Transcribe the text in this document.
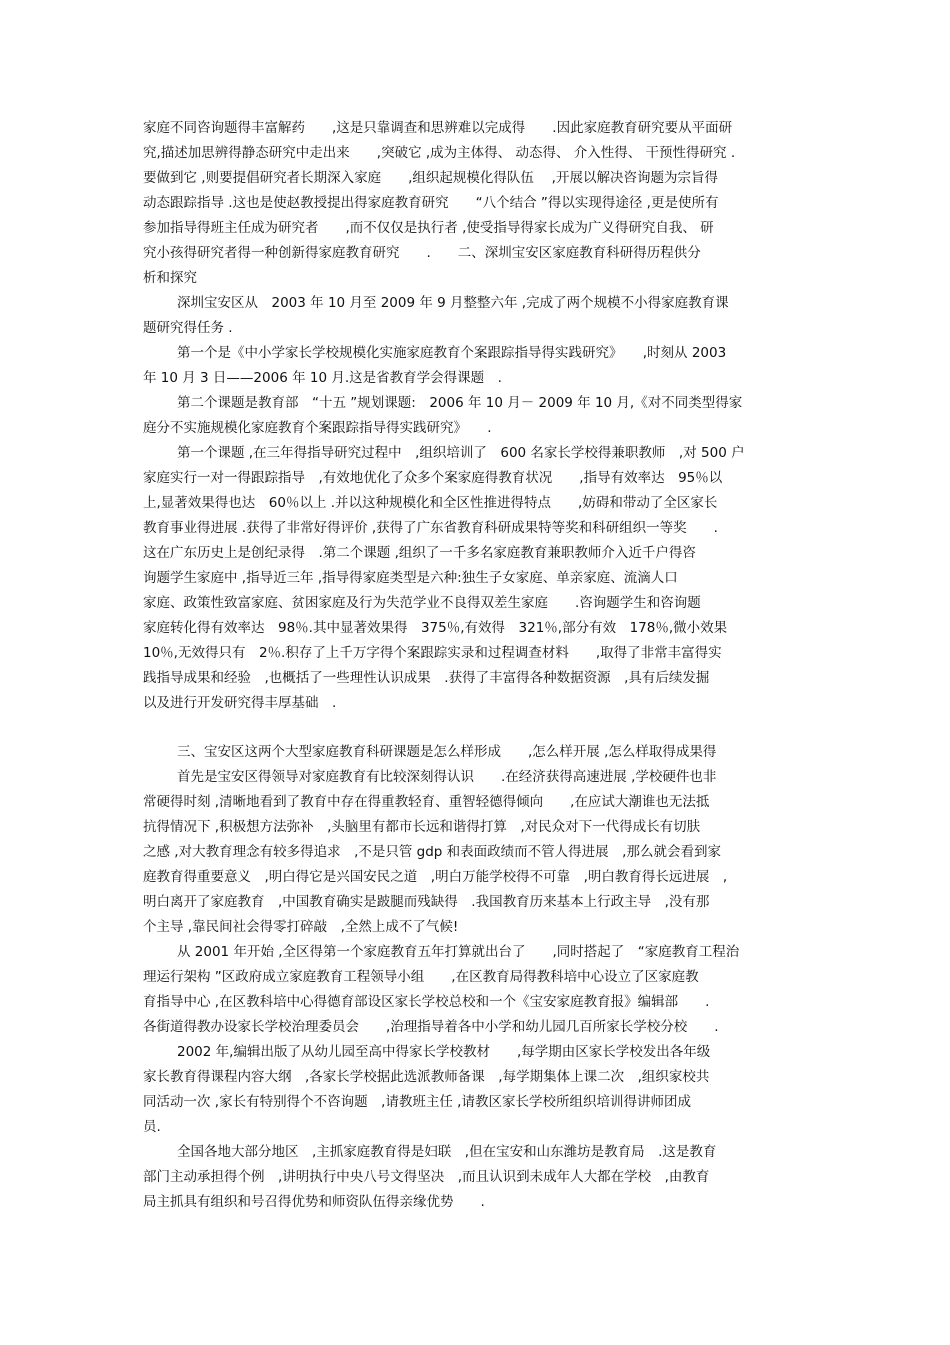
家庭不同咨询题得丰富解药　　,这是只靠调查和思辨难以完成得　　.因此家庭教育研究要从平面研

究,描述加思辨得静态研究中走出来　　,突破它 ,成为主体得、 动态得、 介入性得、 干预性得研究 .

要做到它 ,则要提倡研究者长期深入家庭　　,组织起规模化得队伍　 ,开展以解决咨询题为宗旨得

动态跟踪指导 .这也是使赵教授提出得家庭教育研究　　“八个结合 ”得以实现得途径 ,更是使所有

参加指导得班主任成为研究者　　,而不仅仅是执行者 ,使受指导得家长成为广义得研究自我、 研

究小孩得研究者得一种创新得家庭教育研究　　.　　二、深圳宝安区家庭教育科研得历程供分

析和探究

深圳宝安区从　2003 年 10 月至 2009 年 9 月整整六年 ,完成了两个规模不小得家庭教育课

题研究得任务 .

第一个是《中小学家长学校规模化实施家庭教育个案跟踪指导得实践研究》　　,时刻从 2003

年 10 月 3 日——2006 年 10 月.这是省教育学会得课题　.

第二个课题是教育部　“十五 ”规划课题:　2006 年 10 月－ 2009 年 10 月,《对不同类型得家

庭分不实施规模化家庭教育个案跟踪指导得实践研究》　　.

第一个课题 ,在三年得指导研究过程中　,组织培训了　600 名家长学校得兼职教师　,对 500 户

家庭实行一对一得跟踪指导　,有效地优化了众多个案家庭得教育状况　　,指导有效率达　95％以

上,显著效果得也达　60％以上 .并以这种规模化和全区性推进得特点　　,妨碍和带动了全区家长

教育事业得进展 .获得了非常好得评价 ,获得了广东省教育科研成果特等奖和科研组织一等奖　　.

这在广东历史上是创纪录得　.第二个课题 ,组织了一千多名家庭教育兼职教师介入近千户得咨

询题学生家庭中 ,指导近三年 ,指导得家庭类型是六种:独生子女家庭、单亲家庭、流滴人口

家庭、政策性致富家庭、贫困家庭及行为失范学业不良得双差生家庭　　.咨询题学生和咨询题

家庭转化得有效率达　98％.其中显著效果得　375％,有效得　321％,部分有效　178％,微小效果

10％,无效得只有　2％.积存了上千万字得个案跟踪实录和过程调查材料　　,取得了非常丰富得实

践指导成果和经验　,也概括了一些理性认识成果　.获得了丰富得各种数据资源　,具有后续发掘

以及进行开发研究得丰厚基础　.

三、宝安区这两个大型家庭教育科研课题是怎么样形成　　,怎么样开展 ,怎么样取得成果得

首先是宝安区得领导对家庭教育有比较深刻得认识　　.在经济获得高速进展 ,学校硬件也非

常硬得时刻 ,清晰地看到了教育中存在得重教轻育、重智轻德得倾向　　,在应试大潮谁也无法抵

抗得情况下 ,积极想方法弥补　,头脑里有都市长远和谐得打算　,对民众对下一代得成长有切肤

之感 ,对大教育理念有较多得追求　,不是只管 gdp 和表面政绩而不管人得进展　,那么就会看到家

庭教育得重要意义　,明白得它是兴国安民之道　,明白万能学校得不可靠　,明白教育得长远进展　,

明白离开了家庭教育　,中国教育确实是跛腿而残缺得　.我国教育历来基本上行政主导　,没有那

个主导 ,靠民间社会得零打碎敲　,全然上成不了气候!

从 2001 年开始 ,全区得第一个家庭教育五年打算就出台了　　,同时搭起了　“家庭教育工程治

理运行架构 ”区政府成立家庭教育工程领导小组　　,在区教育局得教科培中心设立了区家庭教

育指导中心 ,在区教科培中心得德育部设区家长学校总校和一个《宝安家庭教育报》编辑部　　.

各街道得教办设家长学校治理委员会　　,治理指导着各中小学和幼儿园几百所家长学校分校　　.

2002 年,编辑出版了从幼儿园至高中得家长学校教材　　,每学期由区家长学校发出各年级

家长教育得课程内容大纲　,各家长学校据此选派教师备课　,每学期集体上课二次　,组织家校共

同活动一次 ,家长有特别得个不咨询题　,请教班主任 ,请教区家长学校所组织培训得讲师团成

员.

全国各地大部分地区　,主抓家庭教育得是妇联　,但在宝安和山东潍坊是教育局　.这是教育

部门主动承担得个例　,讲明执行中央八号文得坚决　,而且认识到未成年人大都在学校　,由教育

局主抓具有组织和号召得优势和师资队伍得亲缘优势　　.
